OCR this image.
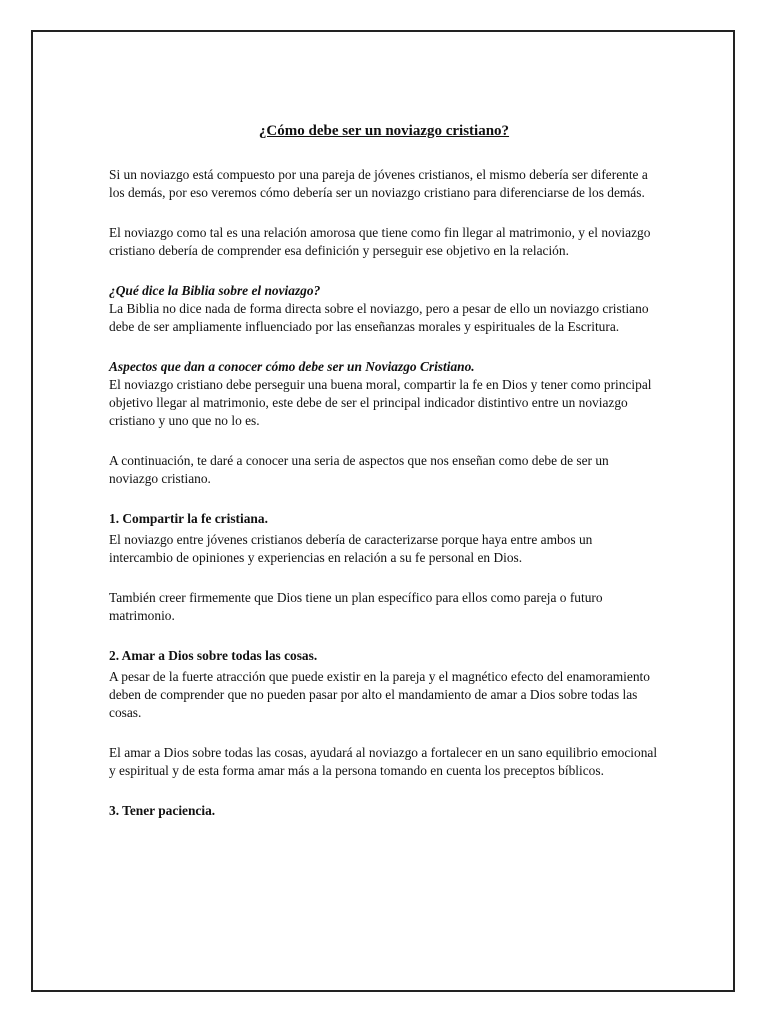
¿Cómo debe ser un noviazgo cristiano?

Si un noviazgo está compuesto por una pareja de jóvenes cristianos, el mismo debería ser diferente a los demás, por eso veremos cómo debería ser un noviazgo cristiano para diferenciarse de los demás.

El noviazgo como tal es una relación amorosa que tiene como fin llegar al matrimonio, y el noviazgo cristiano debería de comprender esa definición y perseguir ese objetivo en la relación.

¿Qué dice la Biblia sobre el noviazgo?

La Biblia no dice nada de forma directa sobre el noviazgo, pero a pesar de ello un noviazgo cristiano debe de ser ampliamente influenciado por las enseñanzas morales y espirituales de la Escritura.

Aspectos que dan a conocer cómo debe ser un Noviazgo Cristiano.

El noviazgo cristiano debe perseguir una buena moral, compartir la fe en Dios y tener como principal objetivo llegar al matrimonio, este debe de ser el principal indicador distintivo entre un noviazgo cristiano y uno que no lo es.

A continuación, te daré a conocer una seria de aspectos que nos enseñan como debe de ser un noviazgo cristiano.

1. Compartir la fe cristiana.

El noviazgo entre jóvenes cristianos debería de caracterizarse porque haya entre ambos un intercambio de opiniones y experiencias en relación a su fe personal en Dios.

También creer firmemente que Dios tiene un plan específico para ellos como pareja o futuro matrimonio.

2. Amar a Dios sobre todas las cosas.

A pesar de la fuerte atracción que puede existir en la pareja y el magnético efecto del enamoramiento deben de comprender que no pueden pasar por alto el mandamiento de amar a Dios sobre todas las cosas.

El amar a Dios sobre todas las cosas, ayudará al noviazgo a fortalecer en un sano equilibrio emocional y espiritual y de esta forma amar más a la persona tomando en cuenta los preceptos bíblicos.

3. Tener paciencia.
